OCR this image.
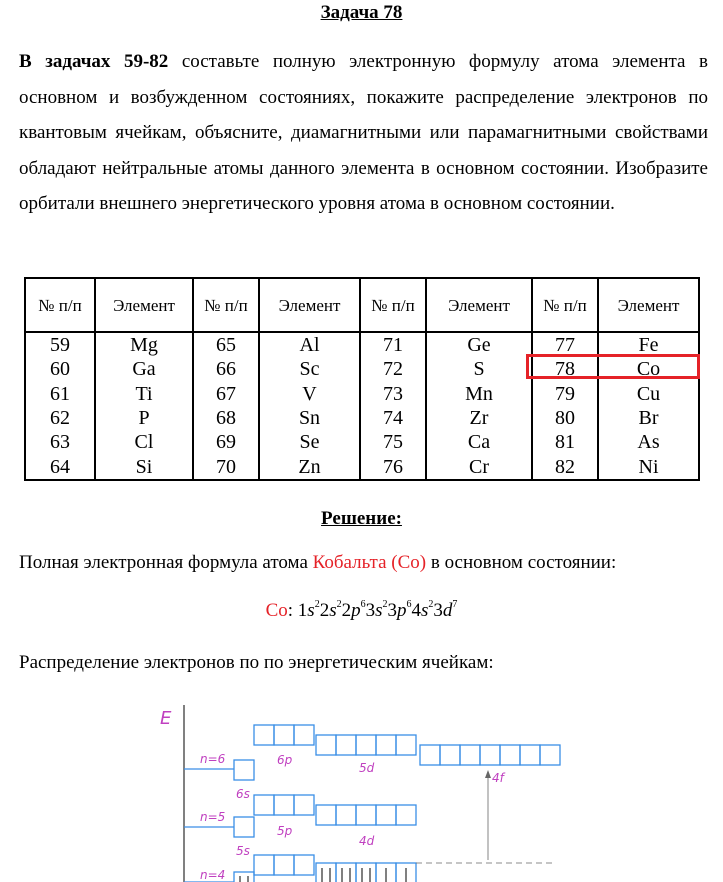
Задача 78

В задачах 59-82 составьте полную электронную формулу атома элемента в основном и возбужденном состояниях, покажите распределение электронов по квантовым ячейкам, объясните, диамагнитными или парамагнитными свойствами обладают нейтральные атомы данного элемента в основном состоянии. Изобразите орбитали внешнего энергетического уровня атома в основном состоянии.

№ п/п	Элемент	№ п/п	Элемент	№ п/п	Элемент	№ п/п	Элемент
59	Mg	65	Al	71	Ge	77	Fe
60	Ga	66	Sc	72	S	78	Co
61	Ti	67	V	73	Mn	79	Cu
62	P	68	Sn	74	Zr	80	Br
63	Cl	69	Se	75	Ca	81	As
64	Si	70	Zn	76	Cr	82	Ni
Решение:
Полная электронная формула атома Кобальта (Co) в основном состоянии:
Co: $1s^22s^22p^63s^23p^64s^23d^7$
Распределение электронов по по энергетическим ячейкам:
E
n=6
n=5
n=4
6p
5d
4f
6s
5p
4d
5s
